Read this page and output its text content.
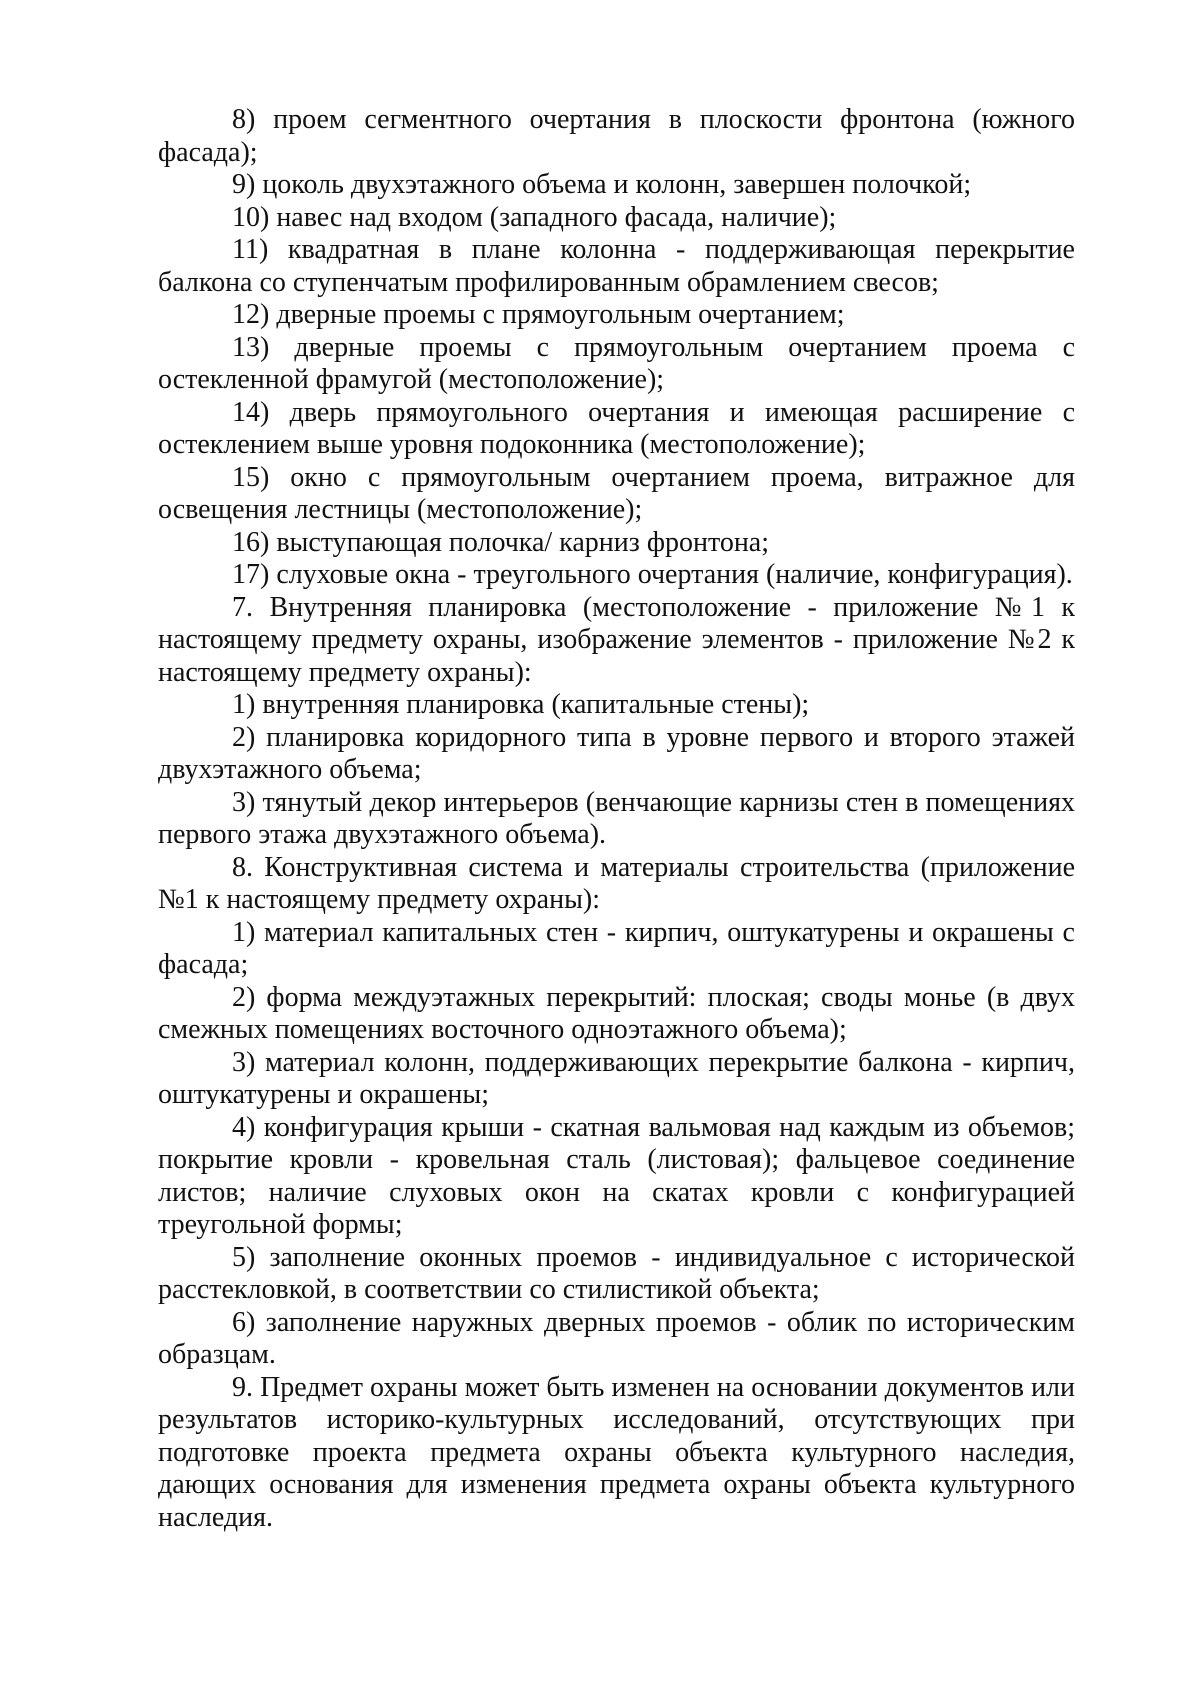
8) проем сегментного очертания в плоскости фронтона (южного фасада);

9) цоколь двухэтажного объема и колонн, завершен полочкой;

10) навес над входом (западного фасада, наличие);

11) квадратная в плане колонна - поддерживающая перекрытие балкона со ступенчатым профилированным обрамлением свесов;

12) дверные проемы с прямоугольным очертанием;

13) дверные проемы с прямоугольным очертанием проема с остекленной фрамугой (местоположение);

14) дверь прямоугольного очертания и имеющая расширение с остеклением выше уровня подоконника (местоположение);

15) окно с прямоугольным очертанием проема, витражное для освещения лестницы (местоположение);

16) выступающая полочка/ карниз фронтона;

17) слуховые окна - треугольного очертания (наличие, конфигурация).

7. Внутренняя планировка (местоположение - приложение №1 к настоящему предмету охраны, изображение элементов - приложение №2 к настоящему предмету охраны):

1) внутренняя планировка (капитальные стены);

2) планировка коридорного типа в уровне первого и второго этажей двухэтажного объема;

3) тянутый декор интерьеров (венчающие карнизы стен в помещениях первого этажа двухэтажного объема).

8. Конструктивная система и материалы строительства (приложение №1 к настоящему предмету охраны):

1) материал капитальных стен - кирпич, оштукатурены и окрашены с фасада;

2) форма междуэтажных перекрытий: плоская; своды монье (в двух смежных помещениях восточного одноэтажного объема);

3) материал колонн, поддерживающих перекрытие балкона - кирпич, оштукатурены и окрашены;

4) конфигурация крыши - скатная вальмовая над каждым из объемов; покрытие кровли - кровельная сталь (листовая); фальцевое соединение листов; наличие слуховых окон на скатах кровли с конфигурацией треугольной формы;

5) заполнение оконных проемов - индивидуальное с исторической расстекловкой, в соответствии со стилистикой объекта;

6) заполнение наружных дверных проемов - облик по историческим образцам.

9. Предмет охраны может быть изменен на основании документов или результатов историко-культурных исследований, отсутствующих при подготовке проекта предмета охраны объекта культурного наследия, дающих основания для изменения предмета охраны объекта культурного наследия.
